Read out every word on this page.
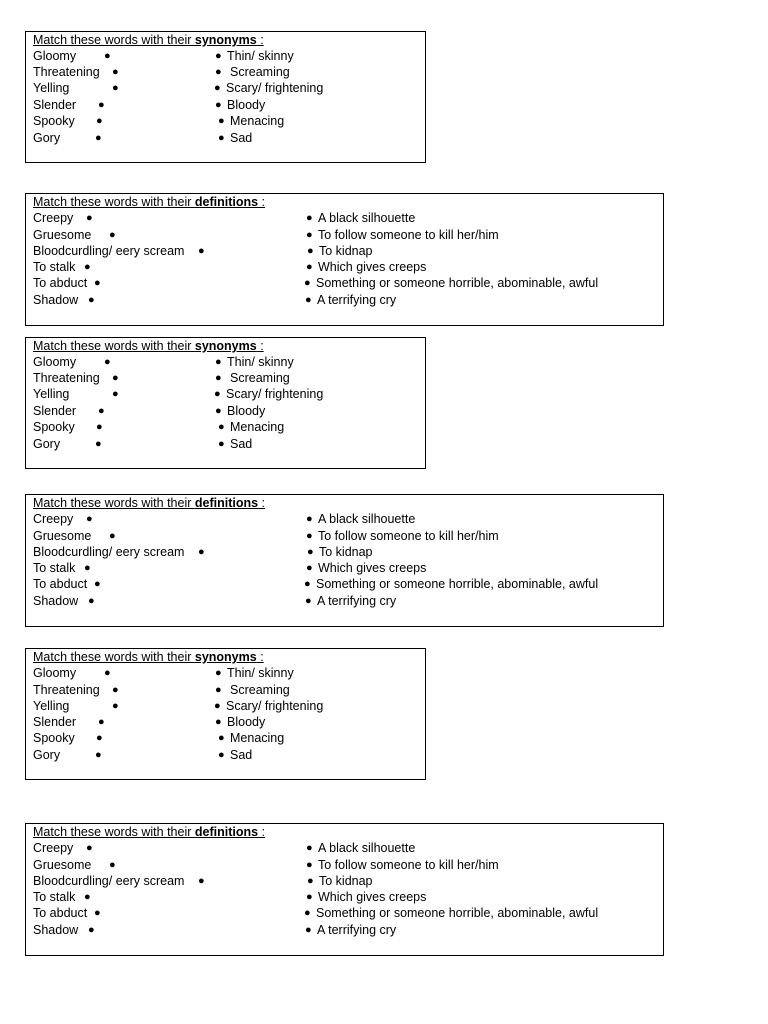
Match these words with their synonyms :
Gloomy	●	● Thin/ skinny
Threatening ●	● Screaming
Yelling	●	● Scary/ frightening
Slender ●	● Bloody
Spooky ●	● Menacing
Gory	●	● Sad
Match these words with their definitions :
Creepy ●	● A black silhouette
Gruesome ●	● To follow someone to kill her/him
Bloodcurdling/ eery scream ●	● To kidnap
To stalk ●	● Which gives creeps
To abduct ●	● Something or someone horrible, abominable, awful
Shadow ●	● A terrifying cry
Match these words with their synonyms :
Gloomy	●	● Thin/ skinny
Threatening ●	● Screaming
Yelling	●	● Scary/ frightening
Slender ●	● Bloody
Spooky ●	● Menacing
Gory	●	● Sad
Match these words with their definitions :
Creepy ●	● A black silhouette
Gruesome ●	● To follow someone to kill her/him
Bloodcurdling/ eery scream ●	● To kidnap
To stalk ●	● Which gives creeps
To abduct ●	● Something or someone horrible, abominable, awful
Shadow ●	● A terrifying cry
Match these words with their synonyms :
Gloomy	●	● Thin/ skinny
Threatening ●	● Screaming
Yelling	●	● Scary/ frightening
Slender ●	● Bloody
Spooky ●	● Menacing
Gory	●	● Sad
Match these words with their definitions :
Creepy ●	● A black silhouette
Gruesome ●	● To follow someone to kill her/him
Bloodcurdling/ eery scream ●	● To kidnap
To stalk ●	● Which gives creeps
To abduct ●	● Something or someone horrible, abominable, awful
Shadow ●	● A terrifying cry
